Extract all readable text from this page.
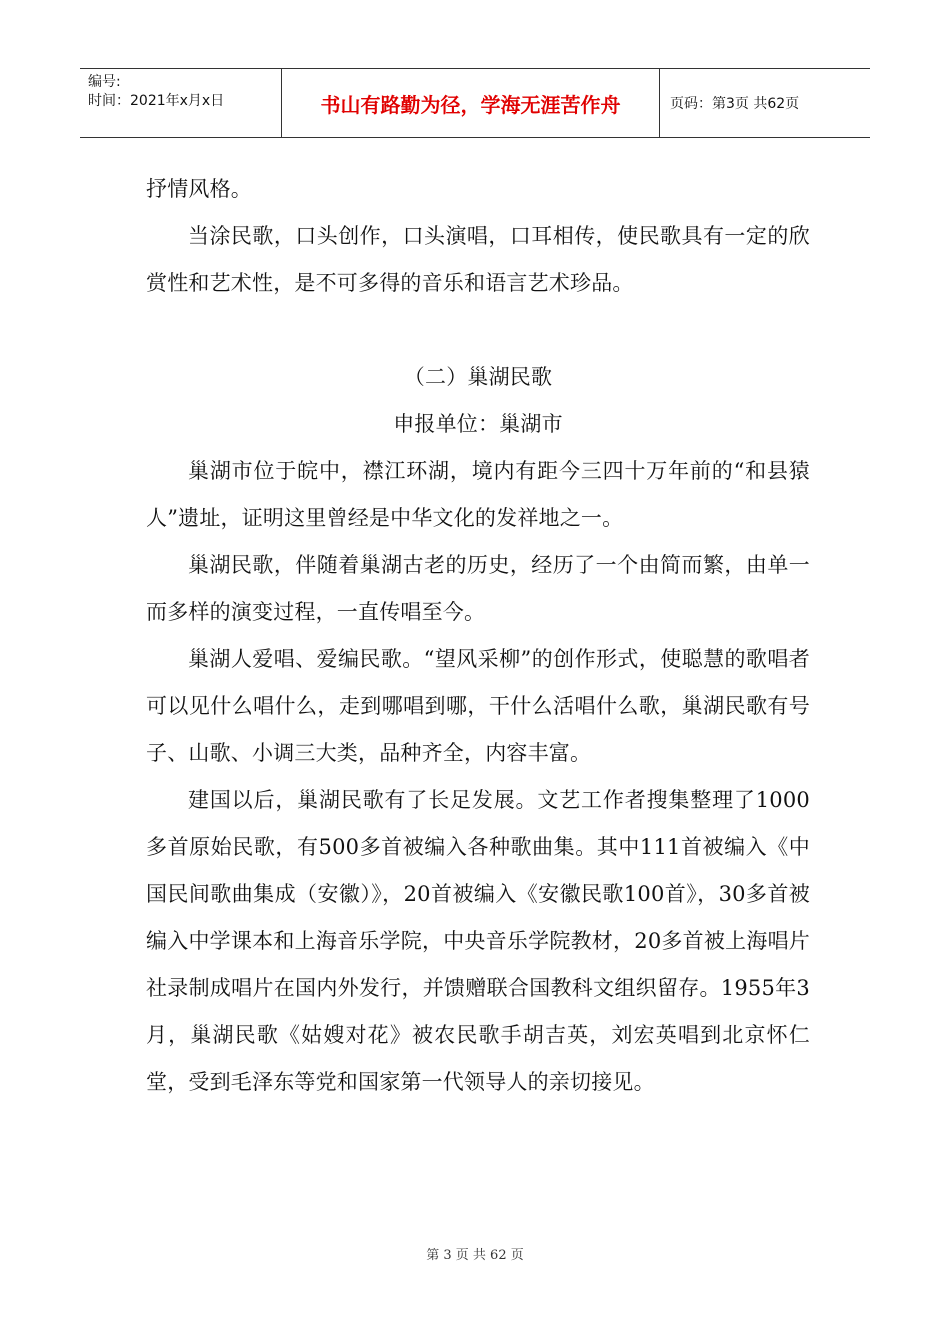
编号:
时间：2021年x月x日	书山有路勤为径，学海无涯苦作舟	页码：第3页 共62页

抒情风格。

当涂民歌，口头创作，口头演唱，口耳相传，使民歌具有一定的欣赏性和艺术性，是不可多得的音乐和语言艺术珍品。

（二）巢湖民歌

申报单位：巢湖市

巢湖市位于皖中，襟江环湖，境内有距今三四十万年前的“和县猿人”遗址，证明这里曾经是中华文化的发祥地之一。

巢湖民歌，伴随着巢湖古老的历史，经历了一个由简而繁，由单一而多样的演变过程，一直传唱至今。

巢湖人爱唱、爱编民歌。“望风采柳”的创作形式，使聪慧的歌唱者可以见什么唱什么，走到哪唱到哪，干什么活唱什么歌，巢湖民歌有号子、山歌、小调三大类，品种齐全，内容丰富。

建国以后，巢湖民歌有了长足发展。文艺工作者搜集整理了1000多首原始民歌，有500多首被编入各种歌曲集。其中111首被编入《中国民间歌曲集成（安徽）》，20首被编入《安徽民歌100首》，30多首被编入中学课本和上海音乐学院，中央音乐学院教材，20多首被上海唱片社录制成唱片在国内外发行，并馈赠联合国教科文组织留存。1955年3月，巢湖民歌《姑嫂对花》被农民歌手胡吉英，刘宏英唱到北京怀仁堂，受到毛泽东等党和国家第一代领导人的亲切接见。

第 3 页 共 62 页
